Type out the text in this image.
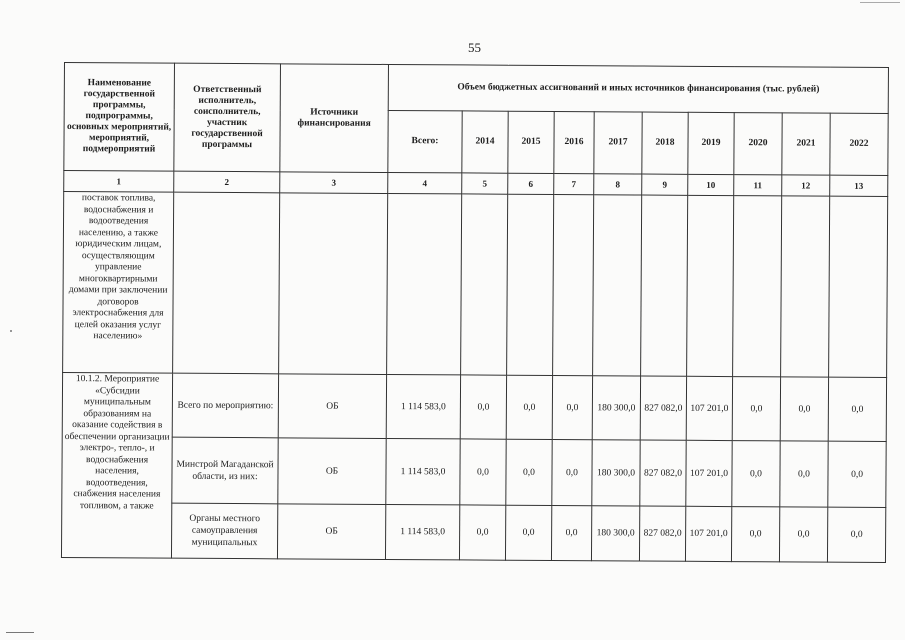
55
Наименование государственной программы, подпрограммы, основных мероприятий, мероприятий, подмероприятий	Ответственный исполнитель, соисполнитель, участник государственной программы	Источники финансирования	Объем бюджетных ассигнований и иных источников финансирования (тыс. рублей)									
			Всего:	2014	2015	2016	2017	2018	2019	2020	2021	2022
1	2	3	4	5	6	7	8	9	10	11	12	13
поставок топлива, водоснабжения и водоотведения населению, а также юридическим лицам, осуществляющим управление многоквартирными домами при заключении договоров электроснабжения для целей оказания услуг населению»												
10.1.2. Мероприятие «Субсидии муниципальным образованиям на оказание содействия в обеспечении организации электро-, тепло-, и водоснабжения населения, водоотведения, снабжения населения топливом, а также	Всего по мероприятию:	ОБ	1 114 583,0	0,0	0,0	0,0	180 300,0	827 082,0	107 201,0	0,0	0,0	0,0
	Минстрой Магаданской области, из них:	ОБ	1 114 583,0	0,0	0,0	0,0	180 300,0	827 082,0	107 201,0	0,0	0,0	0,0
	Органы местного самоуправления муниципальных	ОБ	1 114 583,0	0,0	0,0	0,0	180 300,0	827 082,0	107 201,0	0,0	0,0	0,0
